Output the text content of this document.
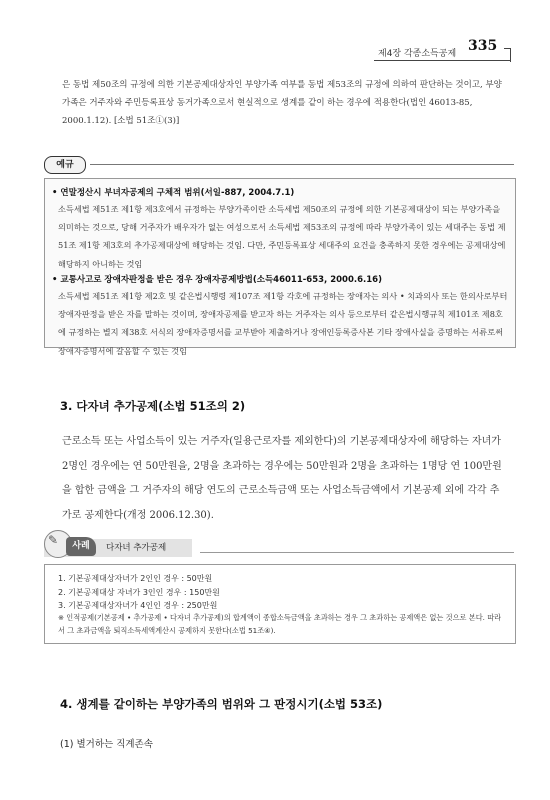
제4장 각종소득공제 335
은 동법 제50조의 규정에 의한 기본공제대상자인 부양가족 여부를 동법 제53조의 규정에 의하여 판단하는 것이고, 부양가족은 거주자와 주민등록표상 동거가족으로서 현실적으로 생계를 같이 하는 경우에 적용한다(법인 46013-85, 2000.1.12). [소법 51조①(3)]
예규
• 연말정산시 부녀자공제의 구체적 범위(서일-887, 2004.7.1)
소득세법 제51조 제1항 제3호에서 규정하는 부양가족이란 소득세법 제50조의 규정에 의한 기본공제대상이 되는 부양가족을 의미하는 것으로, 당해 거주자가 배우자가 없는 여성으로서 소득세법 제53조의 규정에 따라 부양가족이 있는 세대주는 동법 제51조 제1항 제3호의 추가공제대상에 해당하는 것임. 다만, 주민등록표상 세대주의 요건을 충족하지 못한 경우에는 공제대상에 해당하지 아니하는 것임
• 교통사고로 장애자판정을 받은 경우 장애자공제방법(소득46011-653, 2000.6.16)
소득세법 제51조 제1항 제2호 및 같은법시행령 제107조 제1항 각호에 규정하는 장애자는 의사 • 치과의사 또는 한의사로부터 장애자판정을 받은 자를 말하는 것이며, 장애자공제를 받고자 하는 거주자는 의사 등으로부터 같은법시행규칙 제101조 제8호에 규정하는 별지 제38호 서식의 장애자증명서를 교부받아 제출하거나 장애인등록증사본 기타 장애사실을 증명하는 서류로써 장애자증명서에 갈음할 수 있는 것임
3. 다자녀 추가공제(소법 51조의 2)
근로소득 또는 사업소득이 있는 거주자(일용근로자를 제외한다)의 기본공제대상자에 해당하는 자녀가 2명인 경우에는 연 50만원을, 2명을 초과하는 경우에는 50만원과 2명을 초과하는 1명당 연 100만원을 합한 금액을 그 거주자의 해당 연도의 근로소득금액 또는 사업소득금액에서 기본공제 외에 각각 추가로 공제한다(개정 2006.12.30).
✎	사례	다자녀 추가공제
1. 기본공제대상자녀가 2인인 경우 : 50만원
2. 기본공제대상 자녀가 3인인 경우 : 150만원
3. 기본공제대상자녀가 4인인 경우 : 250만원
※ 인적공제(기본공제 • 추가공제 • 다자녀 추가공제)의 합계액이 종합소득금액을 초과하는 경우 그 초과하는 공제액은 없는 것으로 본다. 따라서 그 초과금액을 퇴직소득세액계산시 공제하지 못한다(소법 51조④).
4. 생계를 같이하는 부양가족의 범위와 그 판정시기(소법 53조)
(1) 별거하는 직계존속
